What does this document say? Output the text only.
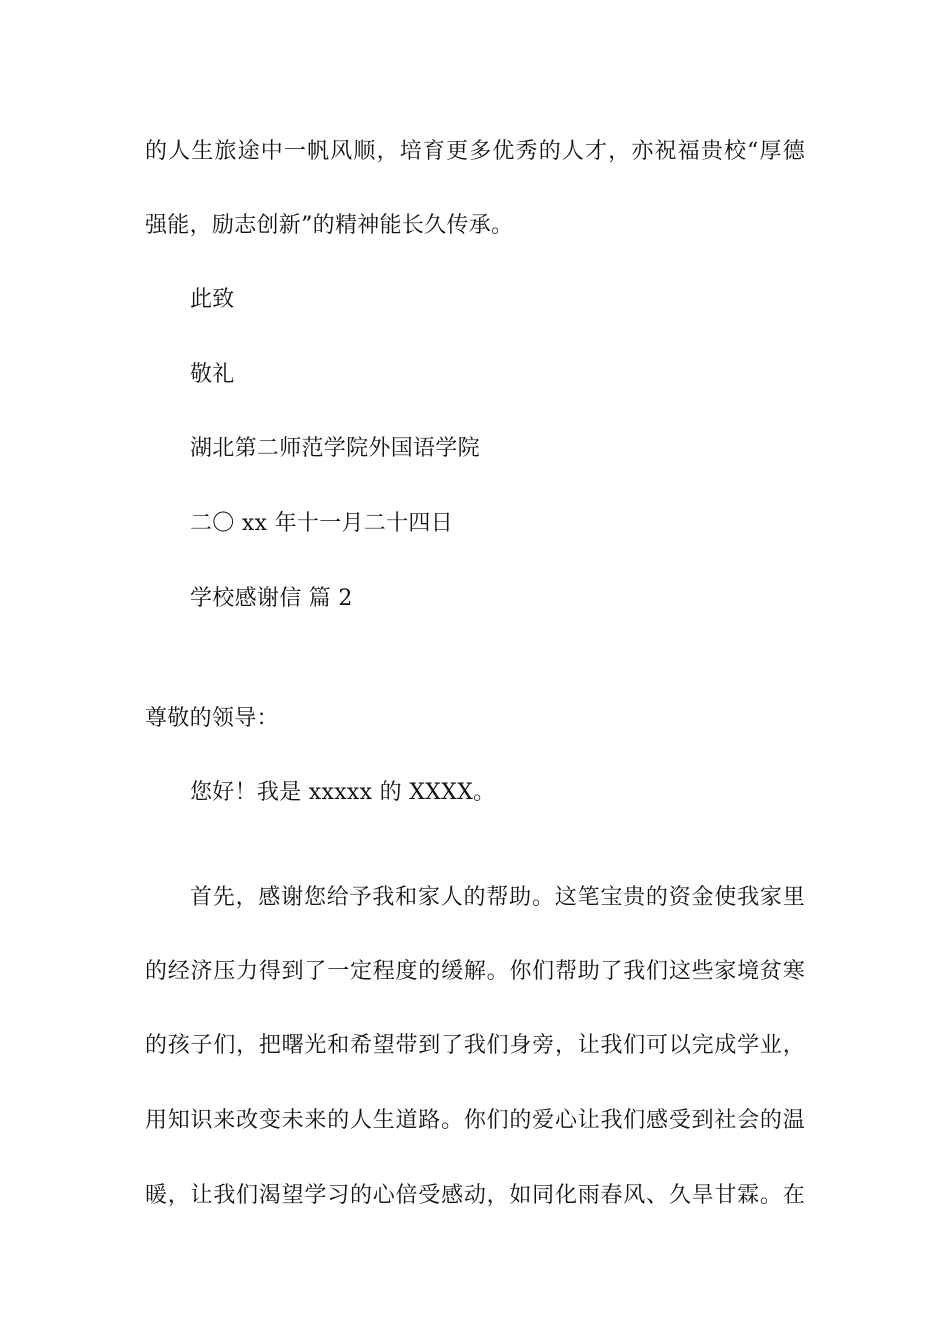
的人生旅途中一帆风顺，培育更多优秀的人才，亦祝福贵校“厚德
强能，励志创新”的精神能长久传承。
此致
敬礼
湖北第二师范学院外国语学院
二〇 xx 年十一月二十四日
学校感谢信 篇 2
尊敬的领导：
您好！我是 xxxxx 的 XXXX。
首先，感谢您给予我和家人的帮助。这笔宝贵的资金使我家里
的经济压力得到了一定程度的缓解。你们帮助了我们这些家境贫寒
的孩子们，把曙光和希望带到了我们身旁，让我们可以完成学业，
用知识来改变未来的人生道路。你们的爱心让我们感受到社会的温
暖，让我们渴望学习的心倍受感动，如同化雨春风、久旱甘霖。在
